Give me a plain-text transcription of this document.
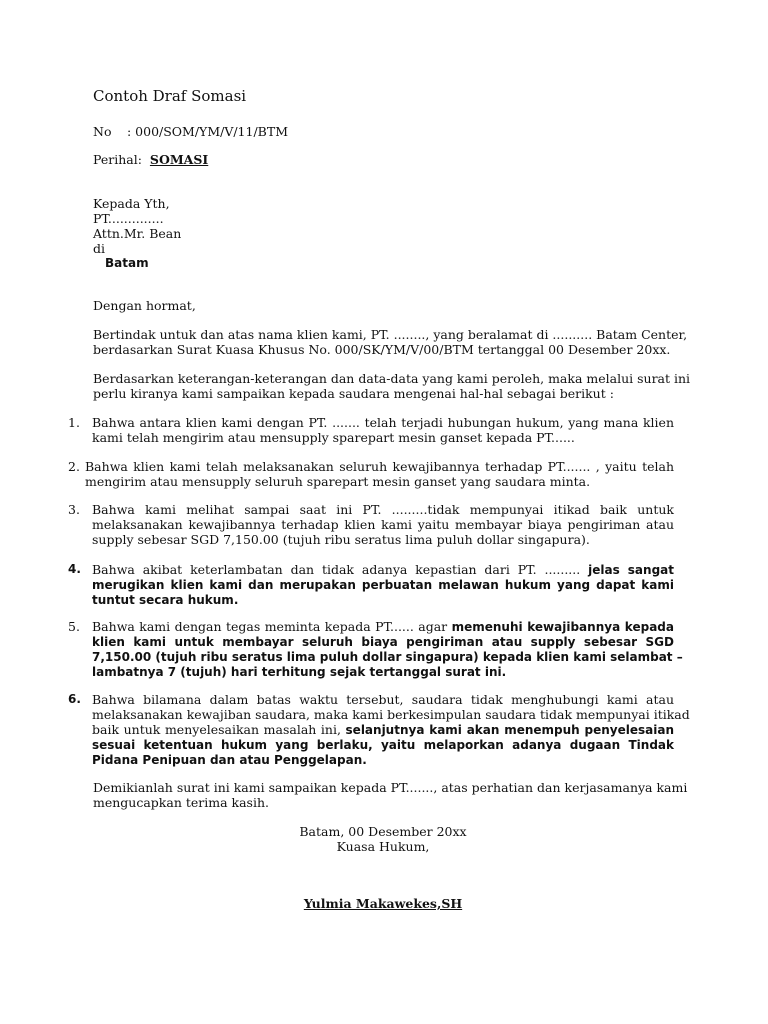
Contoh Draf Somasi
No : 000/SOM/YM/V/11/BTM
Perihal: SOMASI
Kepada Yth,
PT..............
Attn.Mr. Bean
di
Batam
Dengan hormat,
Bertindak untuk dan atas nama klien kami, PT. ........, yang beralamat di .......... Batam Center,
berdasarkan Surat Kuasa Khusus No. 000/SK/YM/V/00/BTM tertanggal 00 Desember 20xx.
Berdasarkan keterangan-keterangan dan data-data yang kami peroleh, maka melalui surat ini
perlu kiranya kami sampaikan kepada saudara mengenai hal-hal sebagai berikut :
1. Bahwa antara klien kami dengan PT. ....... telah terjadi hubungan hukum, yang mana klien
kami telah mengirim atau mensupply sparepart mesin ganset kepada PT......
2. Bahwa klien kami telah melaksanakan seluruh kewajibannya terhadap PT....... , yaitu telah
mengirim atau mensupply seluruh sparepart mesin ganset yang saudara minta.
3. Bahwa kami melihat sampai saat ini PT. .........tidak mempunyai itikad baik untuk
melaksanakan kewajibannya terhadap klien kami yaitu membayar biaya pengiriman atau
supply sebesar SGD 7,150.00 (tujuh ribu seratus lima puluh dollar singapura).
4. Bahwa akibat keterlambatan dan tidak adanya kepastian dari PT. ......... jelas sangat
merugikan klien kami dan merupakan perbuatan melawan hukum yang dapat kami
tuntut secara hukum.
5. Bahwa kami dengan tegas meminta kepada PT...... agar memenuhi kewajibannya kepada
klien kami untuk membayar seluruh biaya pengiriman atau supply sebesar SGD
7,150.00 (tujuh ribu seratus lima puluh dollar singapura) kepada klien kami selambat –
lambatnya 7 (tujuh) hari terhitung sejak tertanggal surat ini.
6. Bahwa bilamana dalam batas waktu tersebut, saudara tidak menghubungi kami atau
melaksanakan kewajiban saudara, maka kami berkesimpulan saudara tidak mempunyai itikad
baik untuk menyelesaikan masalah ini, selanjutnya kami akan menempuh penyelesaian
sesuai ketentuan hukum yang berlaku, yaitu melaporkan adanya dugaan Tindak
Pidana Penipuan dan atau Penggelapan.
Demikianlah surat ini kami sampaikan kepada PT......., atas perhatian dan kerjasamanya kami
mengucapkan terima kasih.
Batam, 00 Desember 20xx
Kuasa Hukum,
Yulmia Makawekes,SH
